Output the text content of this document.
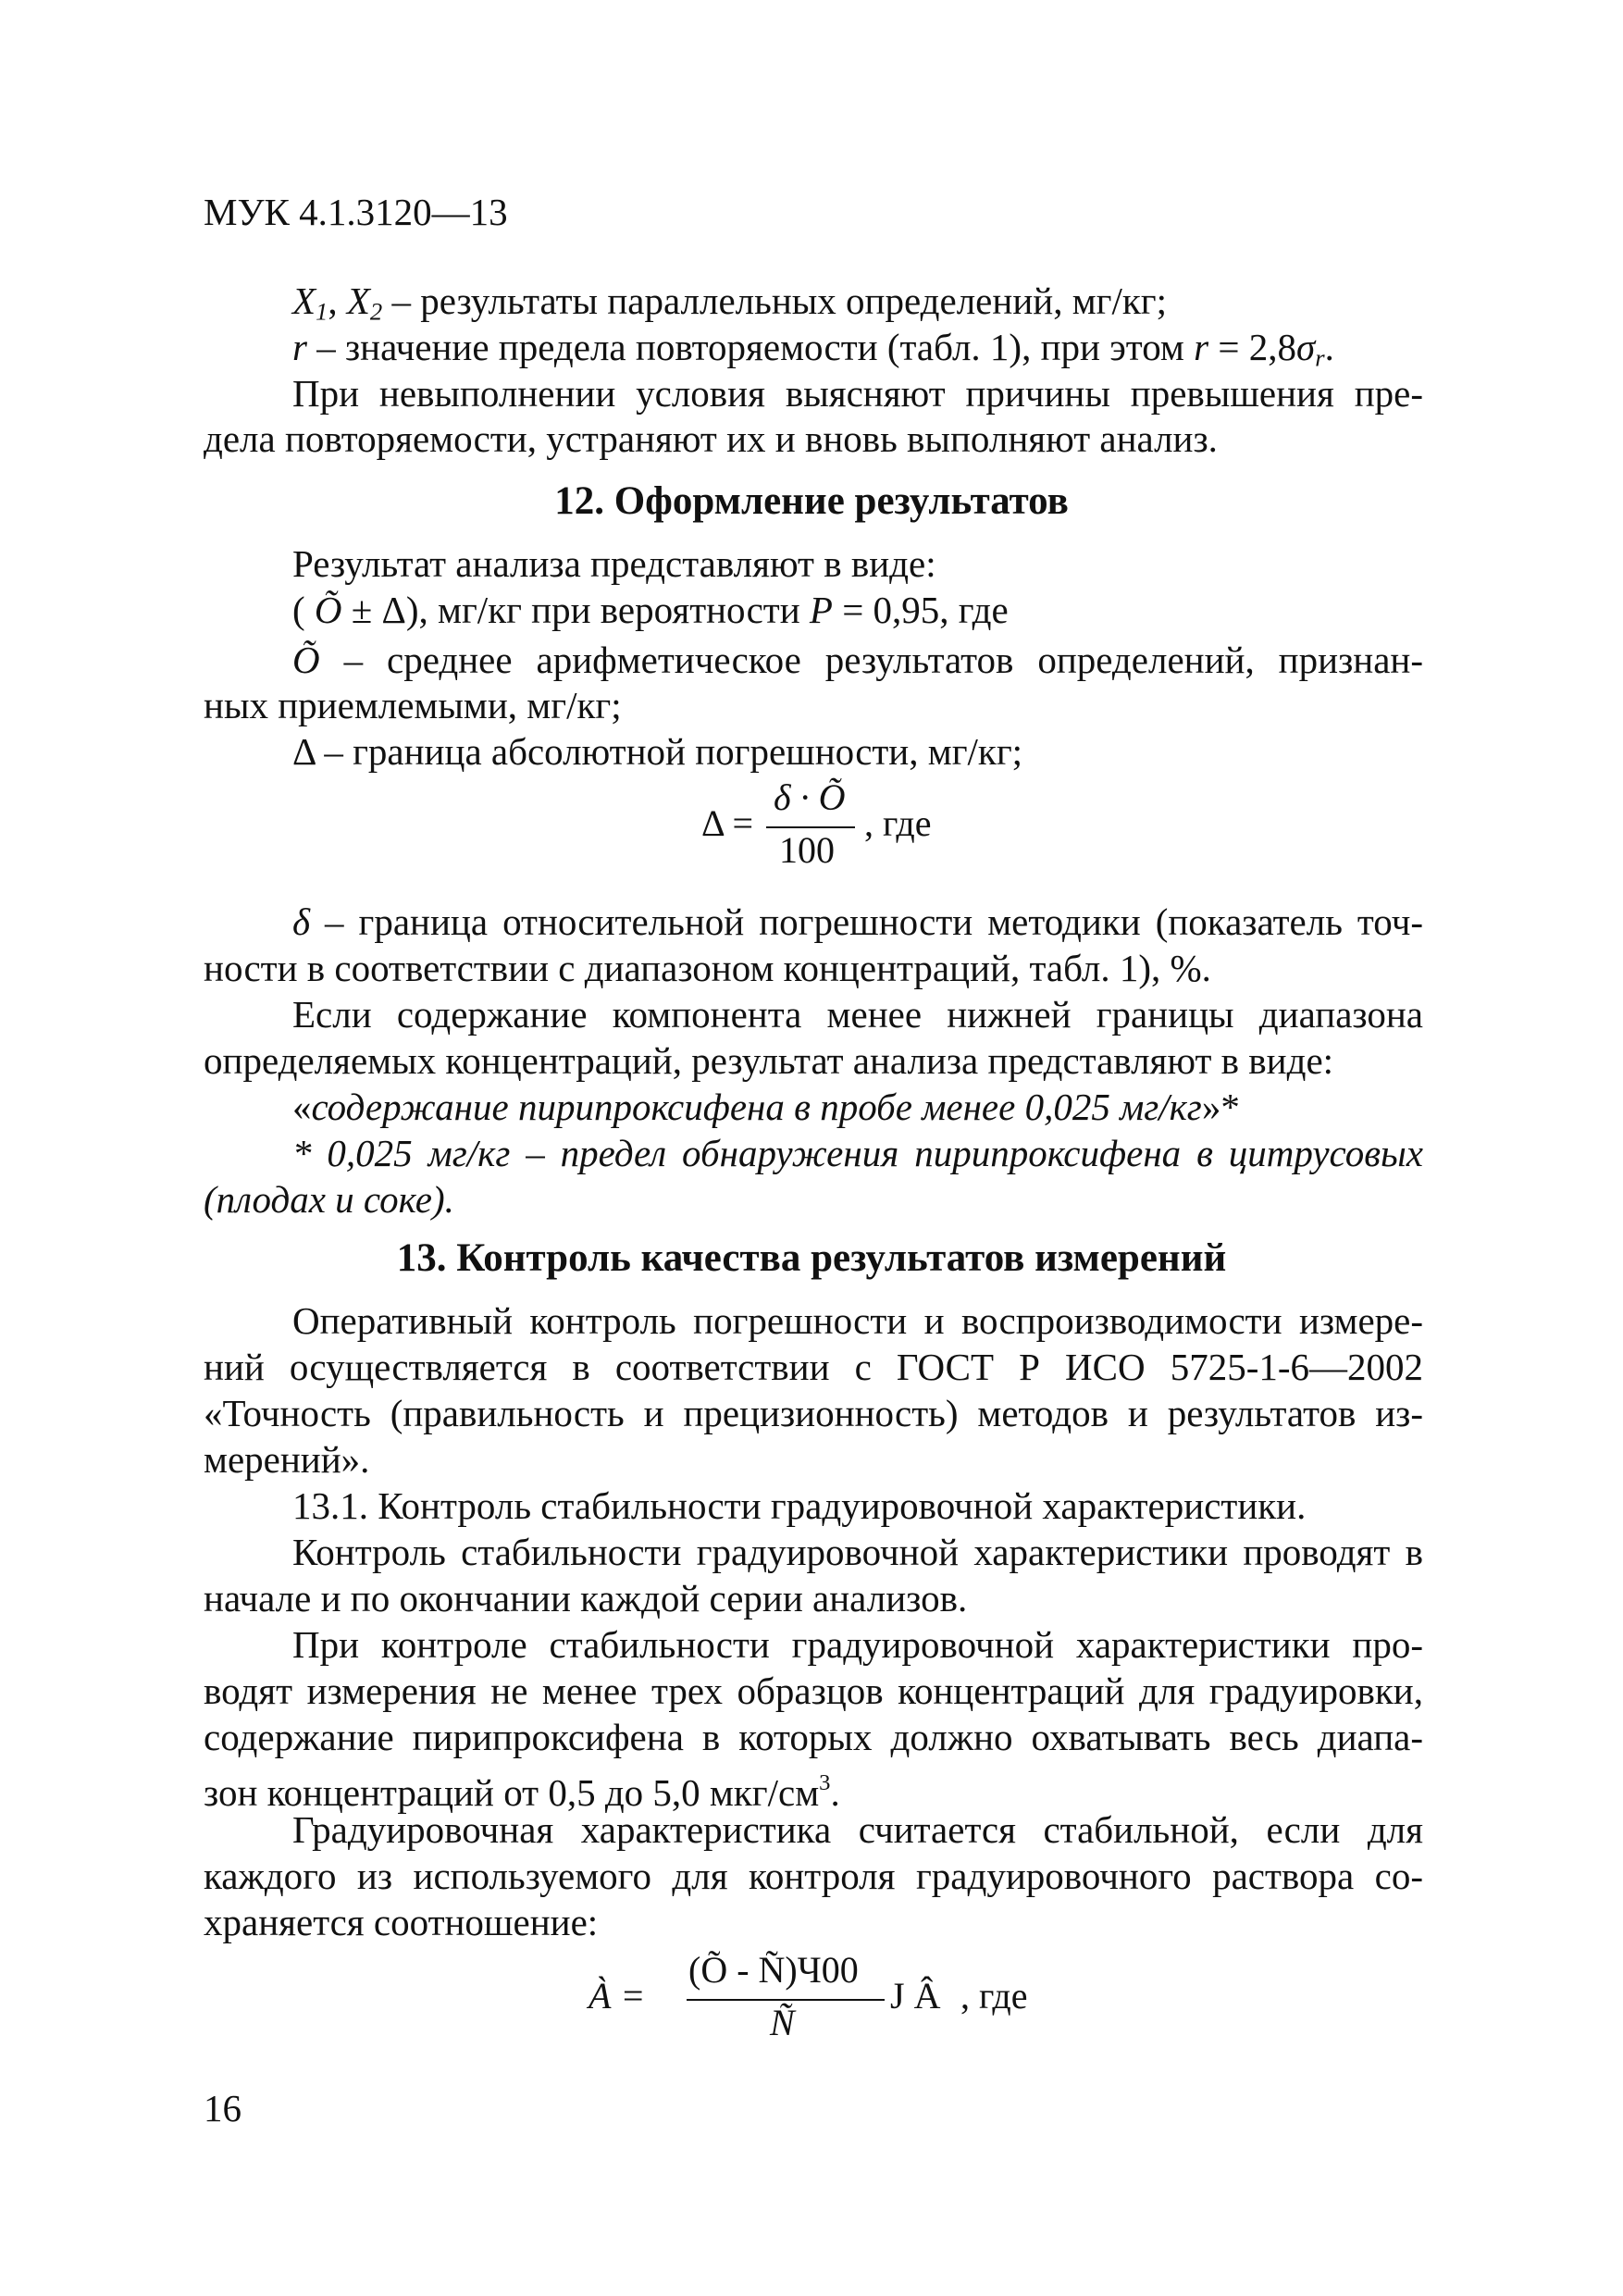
МУК 4.1.3120—13
$X_1$, $X_2$ – результаты параллельных определений, мг/кг;
r – значение предела повторяемости (табл. 1), при этом $r = 2,8\sigma_r$.
При невыполнении условия выясняют причины превышения пре-
дела повторяемости, устраняют их и вновь выполняют анализ.
12. Оформление результатов
Результат анализа представляют в виде:
( Õ ± Δ), мг/кг при вероятности P = 0,95, где
Õ – среднее арифметическое результатов определений, признан-
ных приемлемыми, мг/кг;
Δ – граница абсолютной погрешности, мг/кг;
Δ =
δ · Õ
100
, где
δ – граница относительной погрешности методики (показатель точ-
ности в соответствии с диапазоном концентраций, табл. 1), %.
Если содержание компонента менее нижней границы диапазона
определяемых концентраций, результат анализа представляют в виде:
«содержание пирипроксифена в пробе менее 0,025 мг/кг»*
* 0,025 мг/кг – предел обнаружения пирипроксифена в цитрусовых
(плодах и соке).
13. Контроль качества результатов измерений
Оперативный контроль погрешности и воспроизводимости измере-
ний осуществляется в соответствии с ГОСТ Р ИСО 5725-1-6—2002
«Точность (правильность и прецизионность) методов и результатов из-
мерений».
13.1. Контроль стабильности градуировочной характеристики.
Контроль стабильности градуировочной характеристики проводят в
начале и по окончании каждой серии анализов.
При контроле стабильности градуировочной характеристики про-
водят измерения не менее трех образцов концентраций для градуировки,
содержание пирипроксифена в которых должно охватывать весь диапа-
зон концентраций от 0,5 до 5,0 мкг/$см^3$.
Градуировочная характеристика считается стабильной, если для
каждого из используемого для контроля градуировочного раствора со-
храняется соотношение:
À =
(Õ - Ñ)Ч00
Ñ
J Â , где
16
